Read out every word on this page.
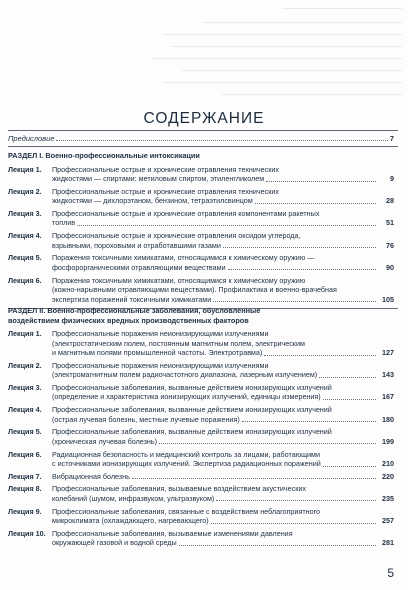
СОДЕРЖАНИЕ
Предисловие	7
РАЗДЕЛ I. Военно-профессиональные интоксикации
Лекция 1.	Профессиональные острые и хронические отравления технических
жидкостями — спиртами: метиловым спиртом, этиленгликолем	9
Лекция 2.	Профессиональные острые и хронические отравления технических
жидкостями — дихлорэтаном, бензином, тетраэтилсвинцом	28
Лекция 3.	Профессиональные острые и хронические отравления компонентами ракетных
топлив	51
Лекция 4.	Профессиональные острые и хронические отравления оксидом углерода,
взрывными, пороховыми и отработавшими газами	76
Лекция 5.	Поражения токсичными химикатами, относящимися к химическому оружию —
фосфорорганическими отравляющими веществами	90
Лекция 6.	Поражения токсичными химикатами, относящимися к химическому оружию
(кожно-нарывными отравляющими веществами). Профилактика и военно-врачебная
экспертиза поражений токсичными химикатами	105
РАЗДЕЛ II. Военно-профессиональные заболевания, обусловленные
воздействием физических вредных производственных факторов
Лекция 1.	Профессиональные поражения неионизирующими излучениями
(электростатическим полем, постоянным магнитным полем, электрическим
и магнитным полями промышленной частоты. Электротравма)	127
Лекция 2.	Профессиональные поражения неионизирующими излучениями
(электромагнитным полем радиочастотного диапазона, лазерным излучением)	143
Лекция 3.	Профессиональные заболевания, вызванные действием ионизирующих излучений
(определение и характеристика ионизирующих излучений, единицы измерения)	167
Лекция 4.	Профессиональные заболевания, вызванные действием ионизирующих излучений
(острая лучевая болезнь, местные лучевые поражения)	180
Лекция 5.	Профессиональные заболевания, вызванные действием ионизирующих излучений
(хроническая лучевая болезнь)	199
Лекция 6.	Радиационная безопасность и медицинский контроль за лицами, работающими
с источниками ионизирующих излучений. Экспертиза радиационных поражений	210
Лекция 7.	Вибрационная болезнь	220
Лекция 8.	Профессиональные заболевания, вызываемые воздействием акустических
колебаний (шумом, инфразвуком, ультразвуком)	235
Лекция 9.	Профессиональные заболевания, связанные с воздействием неблагоприятного
микроклимата (охлаждающего, нагревающего)	257
Лекция 10. Профессиональные заболевания, вызываемые изменениями давления
окружающей газовой и водной среды	281
5
